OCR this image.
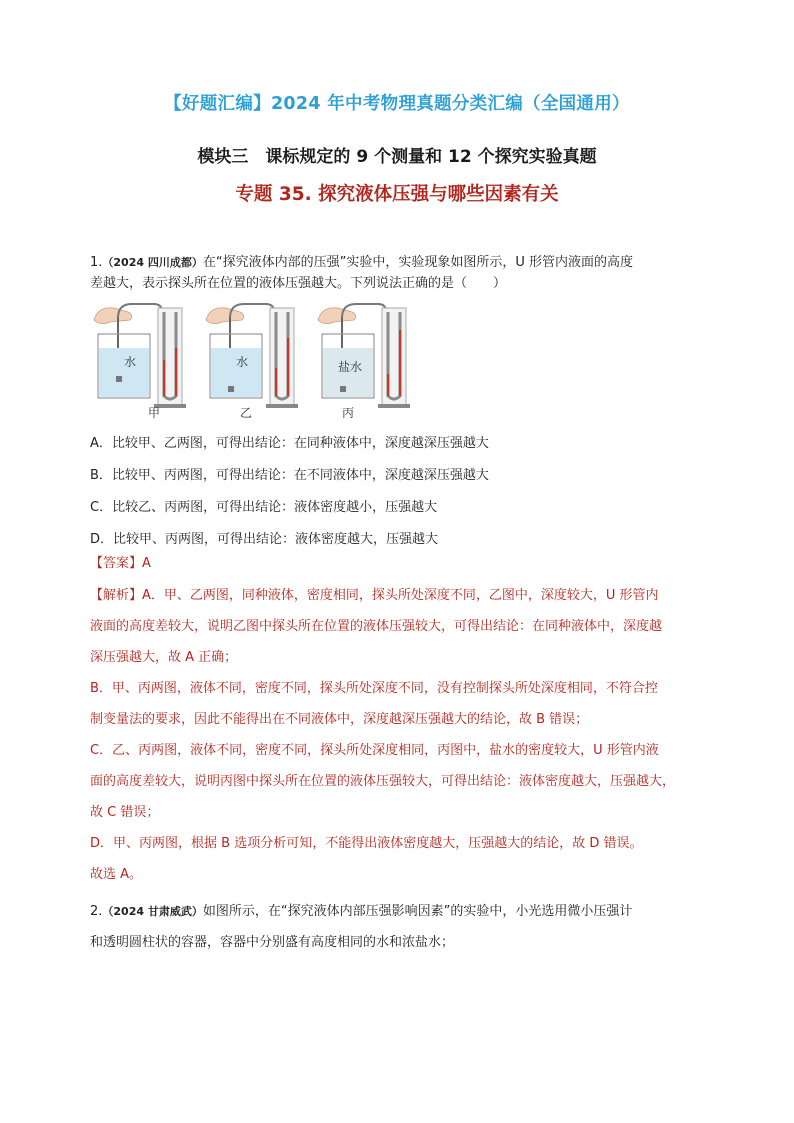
【好题汇编】2024 年中考物理真题分类汇编（全国通用）
模块三　课标规定的 9 个测量和 12 个探究实验真题
专题 35. 探究液体压强与哪些因素有关
1.（2024 四川成都）在“探究液体内部的压强”实验中，实验现象如图所示，U 形管内液面的高度
差越大，表示探头所在位置的液体压强越大。下列说法正确的是（　　）
水	水	盐水
甲	乙	丙
A．比较甲、乙两图，可得出结论：在同种液体中，深度越深压强越大
B．比较甲、丙两图，可得出结论：在不同液体中，深度越深压强越大
C．比较乙、丙两图，可得出结论：液体密度越小，压强越大
D．比较甲、丙两图，可得出结论：液体密度越大，压强越大
【答案】A
【解析】A．甲、乙两图，同种液体，密度相同，探头所处深度不同，乙图中，深度较大，U 形管内
液面的高度差较大，说明乙图中探头所在位置的液体压强较大，可得出结论：在同种液体中，深度越
深压强越大，故 A 正确；
B．甲、丙两图，液体不同，密度不同，探头所处深度不同，没有控制探头所处深度相同，不符合控
制变量法的要求，因此不能得出在不同液体中，深度越深压强越大的结论，故 B 错误；
C．乙、丙两图，液体不同，密度不同，探头所处深度相同，丙图中，盐水的密度较大，U 形管内液
面的高度差较大，说明丙图中探头所在位置的液体压强较大，可得出结论：液体密度越大，压强越大，
故 C 错误；
D．甲、丙两图，根据 B 选项分析可知，不能得出液体密度越大，压强越大的结论，故 D 错误。
故选 A。
2.（2024 甘肃威武）如图所示，在“探究液体内部压强影响因素”的实验中，小光选用微小压强计
和透明圆柱状的容器，容器中分别盛有高度相同的水和浓盐水；
